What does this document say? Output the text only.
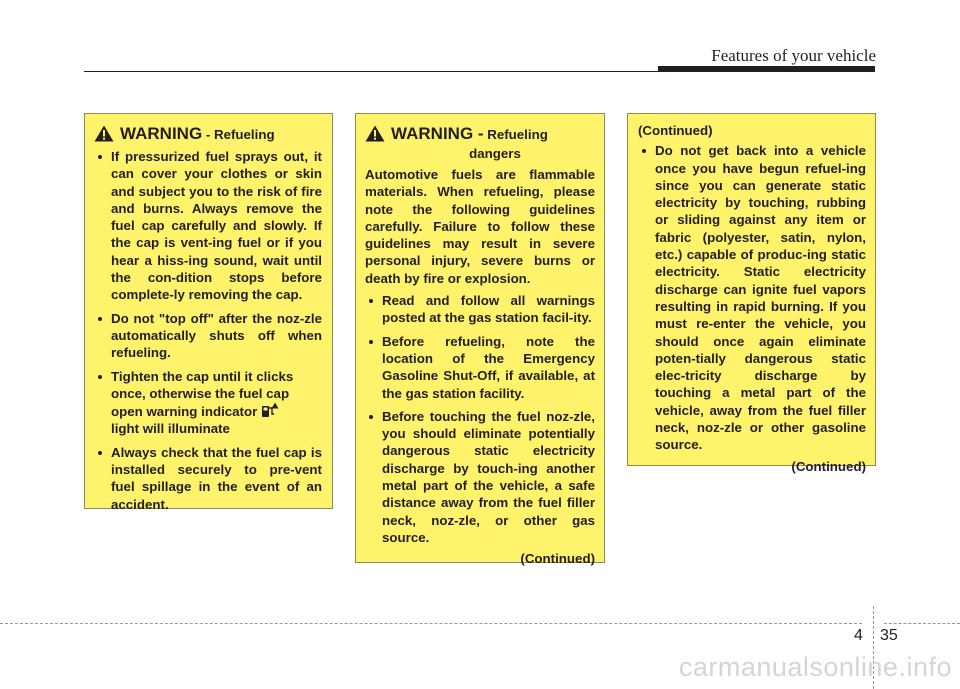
Features of your vehicle
WARNING - Refueling
If pressurized fuel sprays out, it can cover your clothes or skin and subject you to the risk of fire and burns. Always remove the fuel cap carefully and slowly. If the cap is vent-ing fuel or if you hear a hiss-ing sound, wait until the con-dition stops before complete-ly removing the cap.
Do not "top off" after the noz-zle automatically shuts off when refueling.
Tighten the cap until it clicks once, otherwise the fuel cap open warning indicator
light will illuminate
Always check that the fuel cap is installed securely to pre-vent fuel spillage in the event of an accident.
WARNING - Refueling
dangers

Automotive fuels are flammable materials. When refueling, please note the following guidelines carefully. Failure to follow these guidelines may result in severe personal injury, severe burns or death by fire or explosion.

Read and follow all warnings posted at the gas station facil-ity.
Before refueling, note the location of the Emergency Gasoline Shut-Off, if available, at the gas station facility.
Before touching the fuel noz-zle, you should eliminate potentially dangerous static electricity discharge by touch-ing another metal part of the vehicle, a safe distance away from the fuel filler neck, noz-zle, or other gas source.
(Continued)

(Continued)

Do not get back into a vehicle once you have begun refuel-ing since you can generate static electricity by touching, rubbing or sliding against any item or fabric (polyester, satin, nylon, etc.) capable of produc-ing static electricity. Static electricity discharge can ignite fuel vapors resulting in rapid burning. If you must re-enter the vehicle, you should once again eliminate poten-tially dangerous static elec-tricity discharge by touching a metal part of the vehicle, away from the fuel filler neck, noz-zle or other gasoline source.
(Continued)
4 35
carmanualsonline.info
